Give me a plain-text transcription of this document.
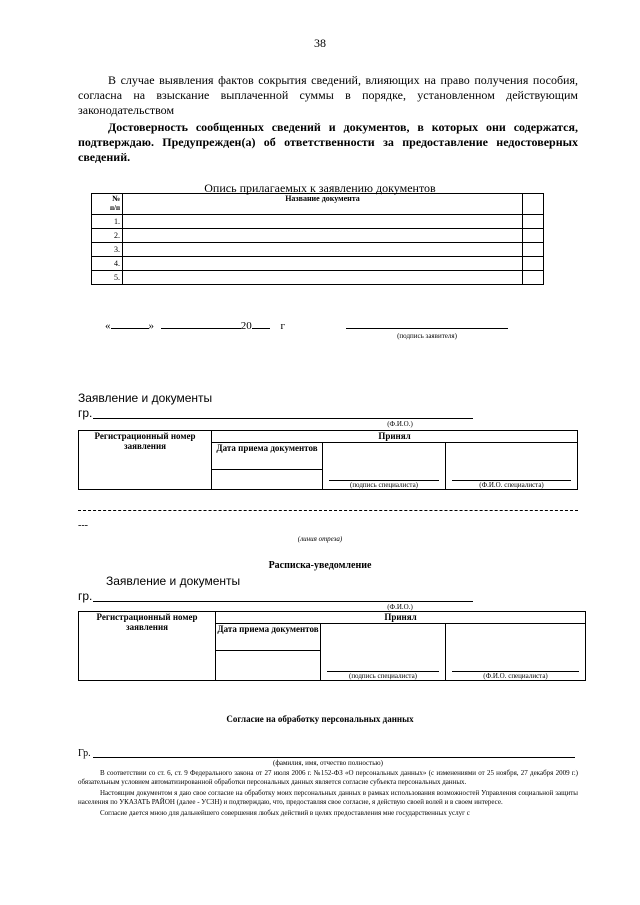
38
В случае выявления фактов сокрытия сведений, влияющих на право получения пособия, согласна на взыскание выплаченной суммы в порядке, установленном действующим законодательством
Достоверность сообщенных сведений и документов, в которых они содержатся, подтверждаю. Предупрежден(а) об ответственности за предоставление недостоверных сведений.
Опись прилагаемых к заявлению документов
№
п/п	Название документа	
1.		
2.		
3.		
4.		
5.		
«	»	20	г
(подпись заявителя)
Заявление и документы
гр.
(Ф.И.О.)
Регистрационный номер заявления	Принял		

	Дата приема документов	(подпись специалиста)	(Ф.И.О. специалиста)
---
(линия отреза)
Расписка-уведомление
Заявление и документы
гр.
(Ф.И.О.)
Регистрационный номер заявления	Принял		

	Дата приема документов	(подпись специалиста)	(Ф.И.О. специалиста)
Согласие на обработку персональных данных
Гр.
(фамилия, имя, отчество полностью)
В соответствии со ст. 6, ст. 9 Федерального закона от 27 июля 2006 г. №152-ФЗ «О персональных данных» (с изменениями от 25 ноября, 27 декабря 2009 г.) обязательным условием автоматизированной обработки персональных данных является согласие субъекта персональных данных.
Настоящим документом я даю свое согласие на обработку моих персональных данных в рамках использования возможностей Управления социальной защиты населения по УКАЗАТЬ РАЙОН (далее - УСЗН) и подтверждаю, что, предоставляя свое согласие, я действую своей волей и в своем интересе.
Согласие дается мною для дальнейшего совершения любых действий в целях предоставления мне государственных услуг с
